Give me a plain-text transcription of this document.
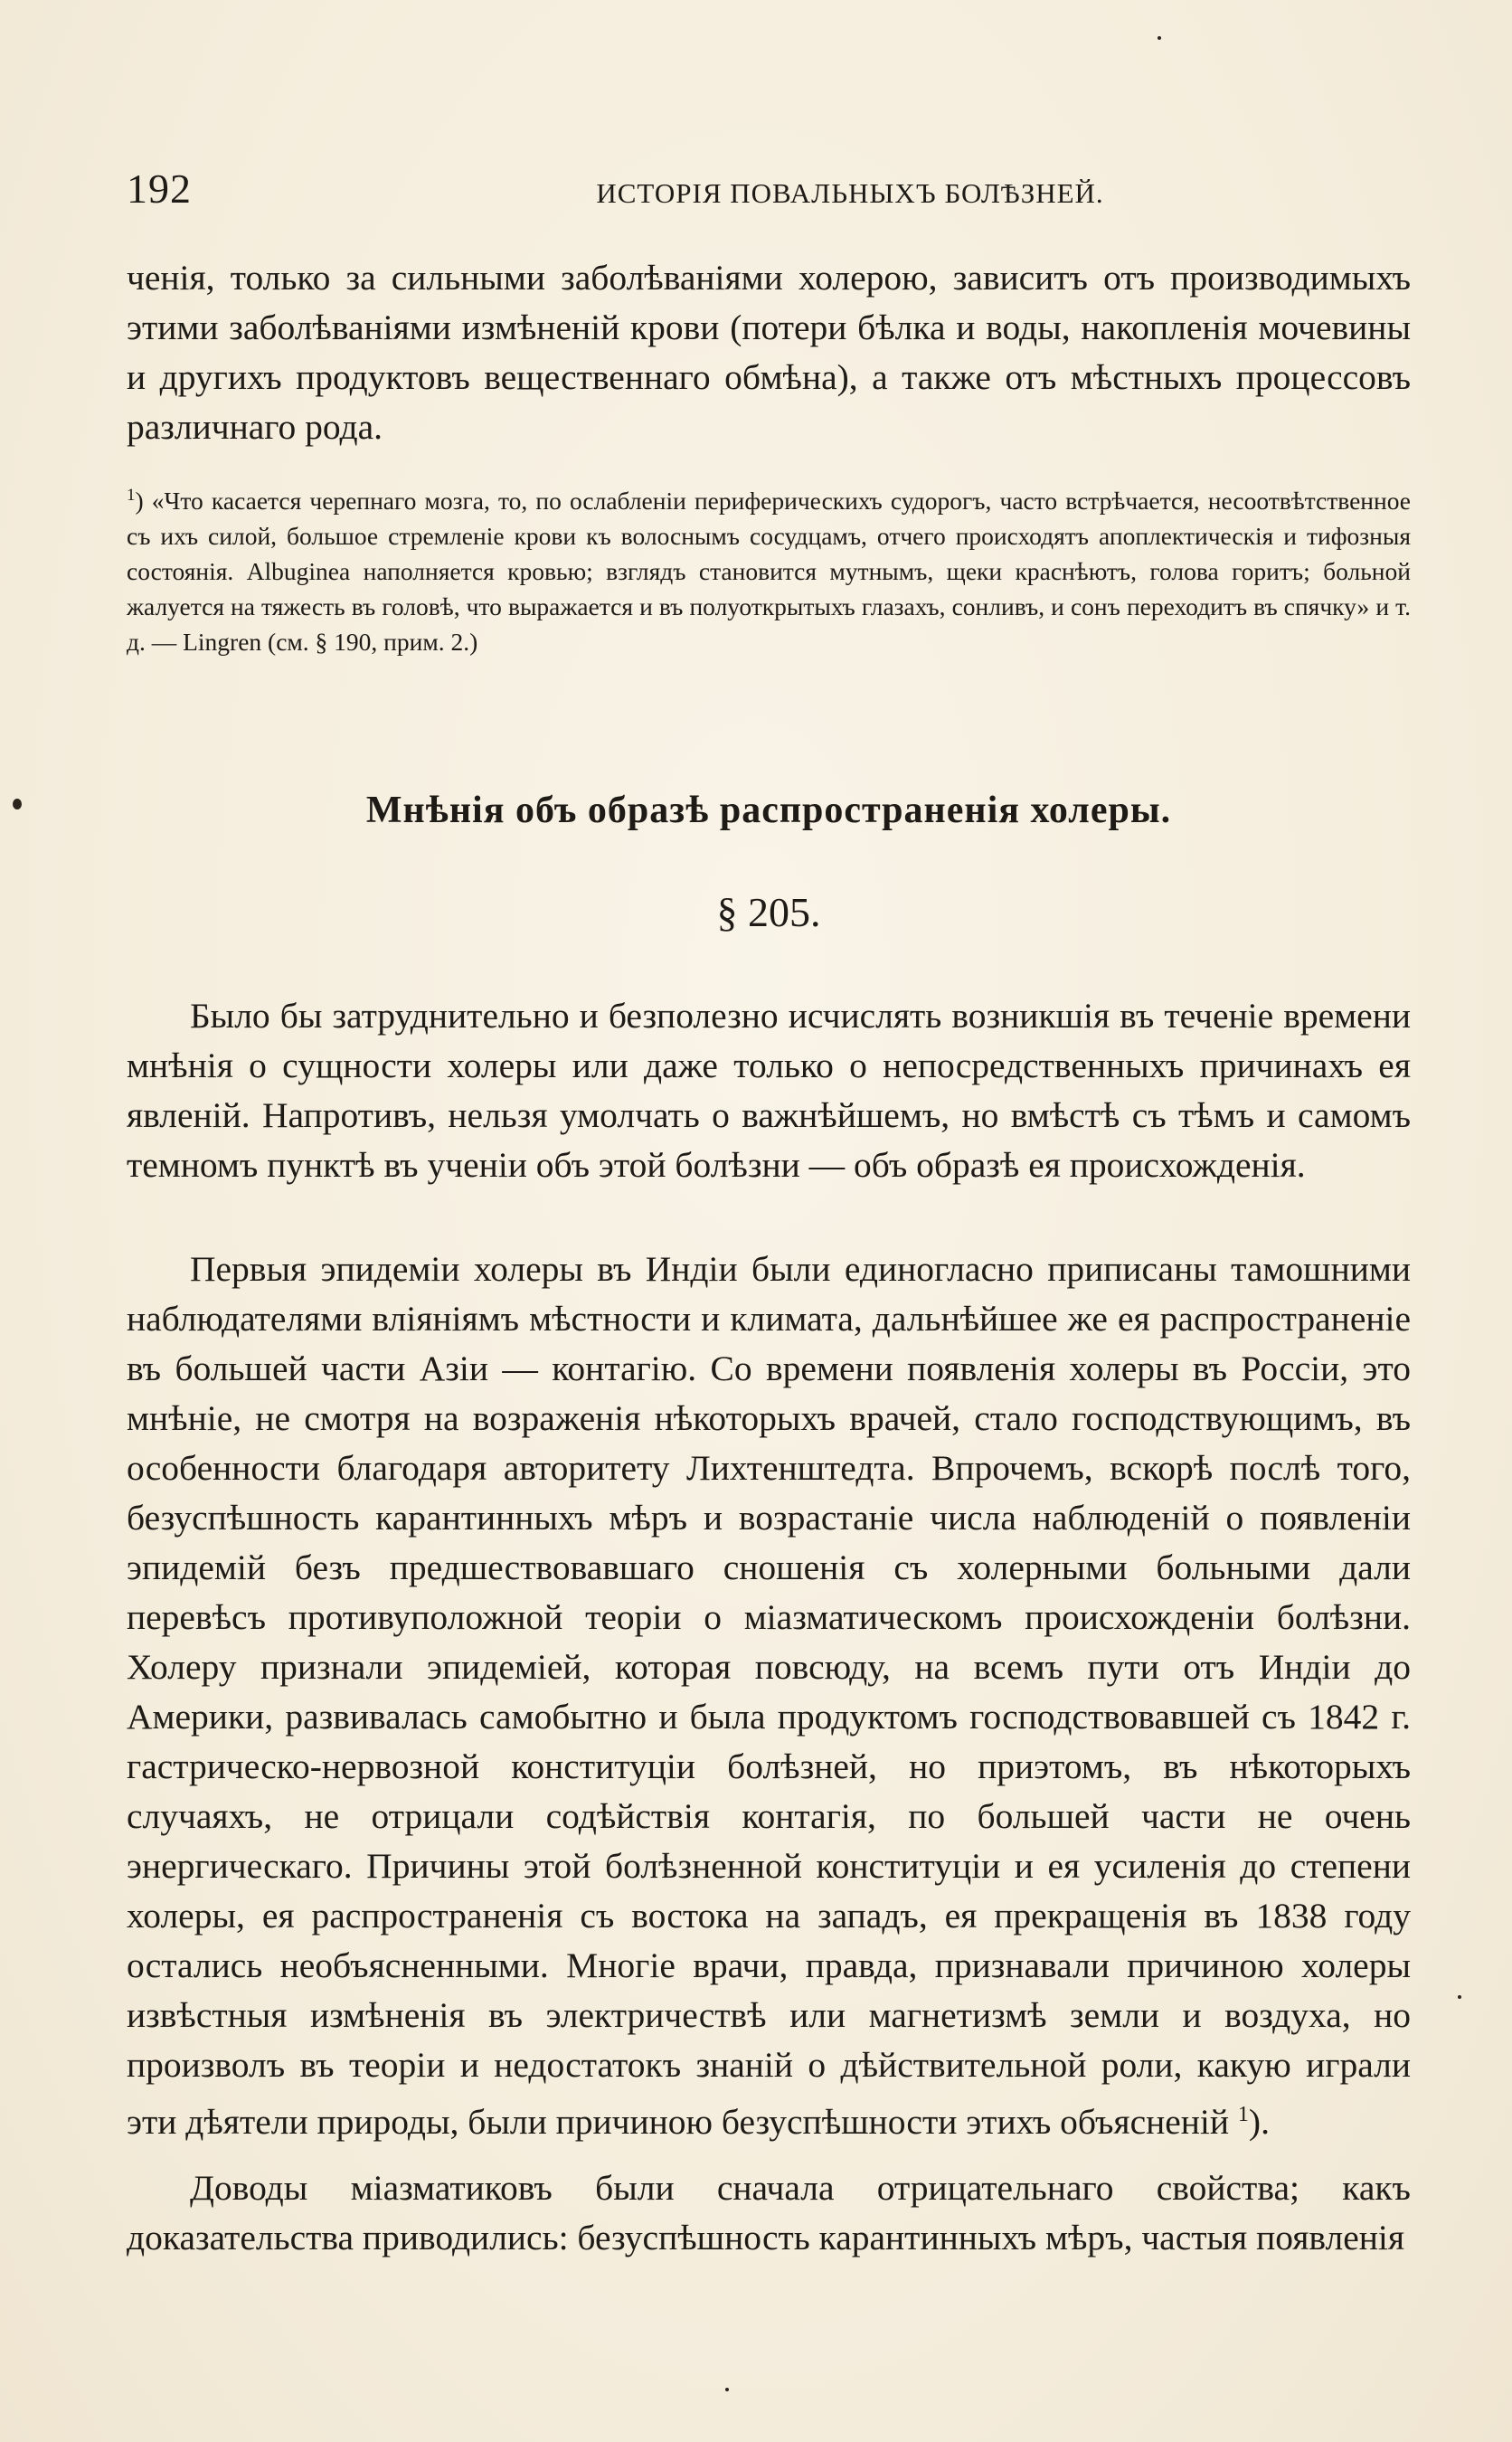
192	ИСТОРІЯ ПОВАЛЬНЫХЪ БОЛѢЗНЕЙ.

ченія, только за сильными заболѣваніями холерою, зависитъ отъ производимыхъ этими заболѣваніями измѣненій крови (потери бѣлка и воды, накопленія мочевины и другихъ продуктовъ вещественнаго обмѣна), а также отъ мѣстныхъ процессовъ различнаго рода.

$^1$) «Что касается черепнаго мозга, то, по ослабленіи периферическихъ судорогъ, часто встрѣчается, несоотвѣтственное съ ихъ силой, большое стремленіе крови къ волоснымъ сосудцамъ, отчего происходятъ апоплектическія и тифозныя состоянія. Albuginea наполняется кровью; взглядъ становится мутнымъ, щеки краснѣютъ, голова горитъ; больной жалуется на тяжесть въ головѣ, что выражается и въ полуоткрытыхъ глазахъ, сонливъ, и сонъ переходитъ въ спячку» и т. д. — Lingren (см. § 190, прим. 2.)

Мнѣнія объ образѣ распространенія холеры.
§ 205.

Было бы затруднительно и безполезно исчислять возникшія въ теченіе времени мнѣнія о сущности холеры или даже только о непосредственныхъ причинахъ ея явленій. Напротивъ, нельзя умолчать о важнѣйшемъ, но вмѣстѣ съ тѣмъ и самомъ темномъ пунктѣ въ ученіи объ этой болѣзни — объ образѣ ея происхожденія.

Первыя эпидеміи холеры въ Индіи были единогласно приписаны тамошними наблюдателями вліяніямъ мѣстности и климата, дальнѣйшее же ея распространеніе въ большей части Азіи — контагію. Со времени появленія холеры въ Россіи, это мнѣніе, не смотря на возраженія нѣкоторыхъ врачей, стало господствующимъ, въ особенности благодаря авторитету Лихтенштедта. Впрочемъ, вскорѣ послѣ того, безуспѣшность карантинныхъ мѣръ и возрастаніе числа наблюденій о появленіи эпидемій безъ предшествовавшаго сношенія съ холерными больными дали перевѣсъ противуположной теоріи о міазматическомъ происхожденіи болѣзни. Холеру признали эпидеміей, которая повсюду, на всемъ пути отъ Индіи до Америки, развивалась самобытно и была продуктомъ господствовавшей съ 1842 г. гастрическо-нервозной конституціи болѣзней, но приэтомъ, въ нѣкоторыхъ случаяхъ, не отрицали содѣйствія контагія, по большей части не очень энергическаго. Причины этой болѣзненной конституціи и ея усиленія до степени холеры, ея распространенія съ востока на западъ, ея прекращенія въ 1838 году остались необъясненными. Многіе врачи, правда, признавали причиною холеры извѣстныя измѣненія въ электричествѣ или магнетизмѣ земли и воздуха, но произволъ въ теоріи и недостатокъ знаній о дѣйствительной роли, какую играли эти дѣятели природы, были причиною безуспѣшности этихъ объясненій $^1$).

Доводы міазматиковъ были сначала отрицательнаго свойства; какъ доказательства приводились: безуспѣшность карантинныхъ мѣръ, частыя появленія
